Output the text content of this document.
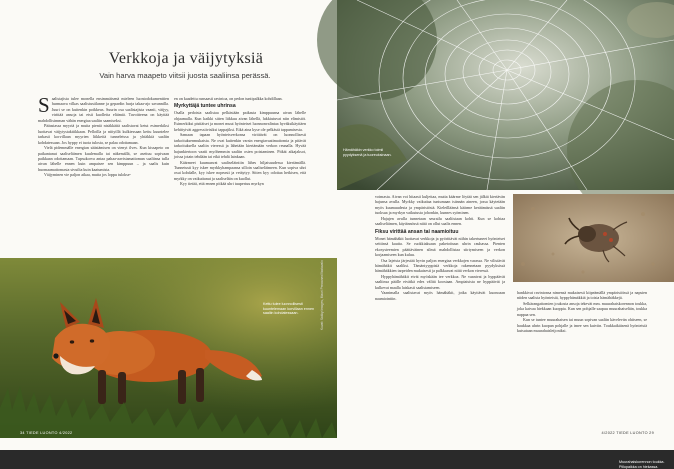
Verkkoja ja väijytyksiä
Vain harva maapeto viitsii juosta saaliinsa perässä.
S aalistajista tulee monella ensimmäisenä mieleen luontodokumenttien hurmaava vilkas saalistustilanne ja gepardin hurja takaa-ajo savannilla. Juuri se on kuitenkin poikkeus. Suurin osa saalistajista vaanii, väijyy, virittää ansoja tai etsii kuolleita eläimiä. Tavoitteena on käyttää mahdollisimman vähän energiaa saaliin saamiseksi.

Pääasiassa myyriä ja muita pieniä nisäkkäitä saalistavat ketut esimerkiksi luottavat väijytystaktiikkaan. Pelloilla ja niityillä kulkiessaan kettu kuuntelee tarkasti korvillaan myyrien liikkeitä tunneleissa ja yhtäkkiä saaliin kohdatessaan. Jos hyppy ei tuota tulosta, se palaa odottamaan.

Vielä pidemmälle energian säästämisen on vienyt ilves. Kun kissapeto on paikantanut saaliseläimen kuulemalla tai näkemällä, se asettuu sopivaan paikkaan odottamaan. Tupsukorva antaa pahaa-aavistamattoman saaliinsa tulla aivan lähelle ennen kuin ampaisee sen kimppuun – ja saalis kuin huomaamattomasta sivuilta kuin kaatumista.

Väijyminen vie paljon aikaa, mutta jos loppu tulokse-

en on kaadettu runsaasti ravintoa, on pedon tuntipalkka kohdillaan.

Myrkyttäjä tuntee uhrinsa

Osalla pedoista saalistaa pelkästään paikasta kimppuunsa aivan lähelle ohjaamalla. Kun kaikki sitten liikkuu aivan lähellä, lukkiutuvat niin elimistöt. Esimerkiksi pistiäiset ja monet muut hyönteiset luonnonvalintaa hyväksikäyttäen kehittyivät aggressiivisiksi tappajiksi. Eikä aina kyse ole pelkästä tappamisesta.

Samaan tapaan hyönteisverkonsa virittävät on luonnollisesti tarkoituksenmukaista. Ne ovat kuitenkin varsin energiavaatimattomia ja pitävät tarkoituksella saaliin vieressä ja lähetään kiertämään verkon reunalla. Hyvää hajunkiertoon vaatii myöhemmin saaliin osien poistaminen. Pitkät aikajaksot, joissa jotain tehdään tai eikä tehdä lainkaan.

Käärmeet kuumaavat saaliseläintiin lähes hiljaisuudessa kiertämällä. Tunnetusti kyy iskee myrkkyhampaansa silloin saaliseläimeen. Kun sopiva uhri osui kohdalle, kyy iskee nopeasti ja vetäytyy. Sitten kyy odottaa hetkisen, että myrkky on vaikuttanut ja saaliseläin on kuollut.

Kyy tietää, että ennen pitkää uhri tuupertuu myrkyn

Kettu tulee luonnollisesti kuuntelemaan korvillaan ennen saaliin kohdatessaan.	Kuvat: Sakky Images, Mauri Pennanen/Vastavalo
34 TIEDE LUONTO 4/2022
Hämähäkin verkko toimii pyydyksenä ja tuoreuksinaan.

voimasta. Aivan voi hitaasti kuljettaa, mutta käärme löytää sen jälkiä kiertävän hajunsa avulla. Myrkky vaikuttaa tuntumaan isännän aineen, jossa käytetään myös kuumuudesta ja ympäristöstä. Kieleilläänsä käärme keräämässä saaliin tuoksua ja myrkyn vaikutusta johonkin, kunnes syöminen.

Hajujen avulla tunnetaan seurailu saaliistaan kohti. Kun se kohtaa saaliseläimen, käytännössä niitä on ollut saalis ennen.

Fiksu virittää ansan tai naamioituu

Monet hämähäkit luottavat verkkoja ja pyörittävät niihin takertuneet hyönteiset seittinsä kautta. Se ruokkiaksaan paketoituun uhrin rauhassa. Pienten ekosysteemien päättäväinen silmä mahdollistaa siirtymiseen ja verkon korjaamiseen kun kuluu.

Osa lajeista järjestää hyvin paljon energiaa verkkojen varassa. Ne vilistävät hämähäkit saaliksi. Tämäntyyppisiä verkkoja rakennetaan pyydyksissä hämähäkkien tarpeiden mukaisesti ja palkkaavat niitä verkon vieressä.

Hyppyhämähäkit eivät myöskään tee verkkoa. Ne vaanivat ja hyppäävät saaliinsa päälle eivätkä edes välitä koostaan. Ampiaisista ne hyppäävät ja kulkevat maalla laiskasti saalistamiseen.

Vaanimalla saalistavat myös hämähäkit, jotka käyttävät kuonoaan naamiointiin.

Muurahaiskorennon toukka. Piilopaikka on hiekassa.

hankkivat ravintonsa nimensä mukaisesti kiipeämällä ympäristöissä ja napsien niiden saalista hyönteisiä, hyppyhämäkkiä ja toisia hämähäkkejä.

Selkärangattomien joukosta ansoja tekevät mm. muurahaiskorennon toukka, joka kaivaa hiekkaan kuoppia. Kun sen pohjalle saapuu muurahaiseläin, toukka nappaa sen.

Kun se tuntee muurahaisen tai muun sopivan saaliin kävelevän ohitseen, se haukkaa uhrin kuopan pohjalle ja imee sen kuiviin. Toukkaikäisenä hyönteisiä kutsutaan muurahaisleijoniksi.

4/2022 TIEDE LUONTO 29
